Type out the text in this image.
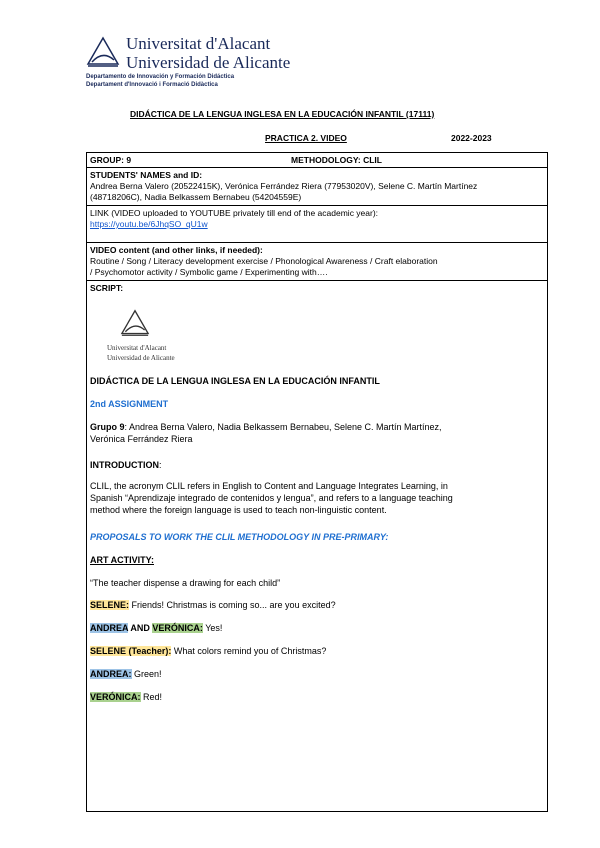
Universitat d'Alacant
Universidad de Alicante
Departamento de Innovación y Formación Didáctica
Departament d'Innovació i Formació Didàctica
DIDÁCTICA DE LA LENGUA INGLESA EN LA EDUCACIÓN INFANTIL (17111)
PRACTICA 2. VIDEO	2022-2023
GROUP: 9	METHODOLOGY: CLIL
STUDENTS' NAMES and ID:
Andrea Berna Valero (20522415K), Verónica Ferrández Riera (77953020V), Selene C. Martín Martínez
(48718206C), Nadia Belkassem Bernabeu (54204559E)
LINK (VIDEO uploaded to YOUTUBE privately till end of the academic year):
https://youtu.be/6JhqSO_qU1w
VIDEO content (and other links, if needed):
Routine / Song / Literacy development exercise / Phonological Awareness / Craft elaboration
/ Psychomotor activity / Symbolic game / Experimenting with….
SCRIPT:
Universitat d'Alacant
Universidad de Alicante
DIDÁCTICA DE LA LENGUA INGLESA EN LA EDUCACIÓN INFANTIL
2nd ASSIGNMENT
Grupo 9: Andrea Berna Valero, Nadia Belkassem Bernabeu, Selene C. Martín Martínez,
Verónica Ferrández Riera
INTRODUCTION:
CLIL, the acronym CLIL refers in English to Content and Language Integrates Learning, in
Spanish “Aprendizaje integrado de contenidos y lengua”, and refers to a language teaching
method where the foreign language is used to teach non-linguistic content.
PROPOSALS TO WORK THE CLIL METHODOLOGY IN PRE-PRIMARY:
ART ACTIVITY:
“The teacher dispense a drawing for each child”
SELENE: Friends! Christmas is coming so... are you excited?
ANDREA AND VERÓNICA: Yes!
SELENE (Teacher): What colors remind you of Christmas?
ANDREA: Green!
VERÓNICA: Red!
